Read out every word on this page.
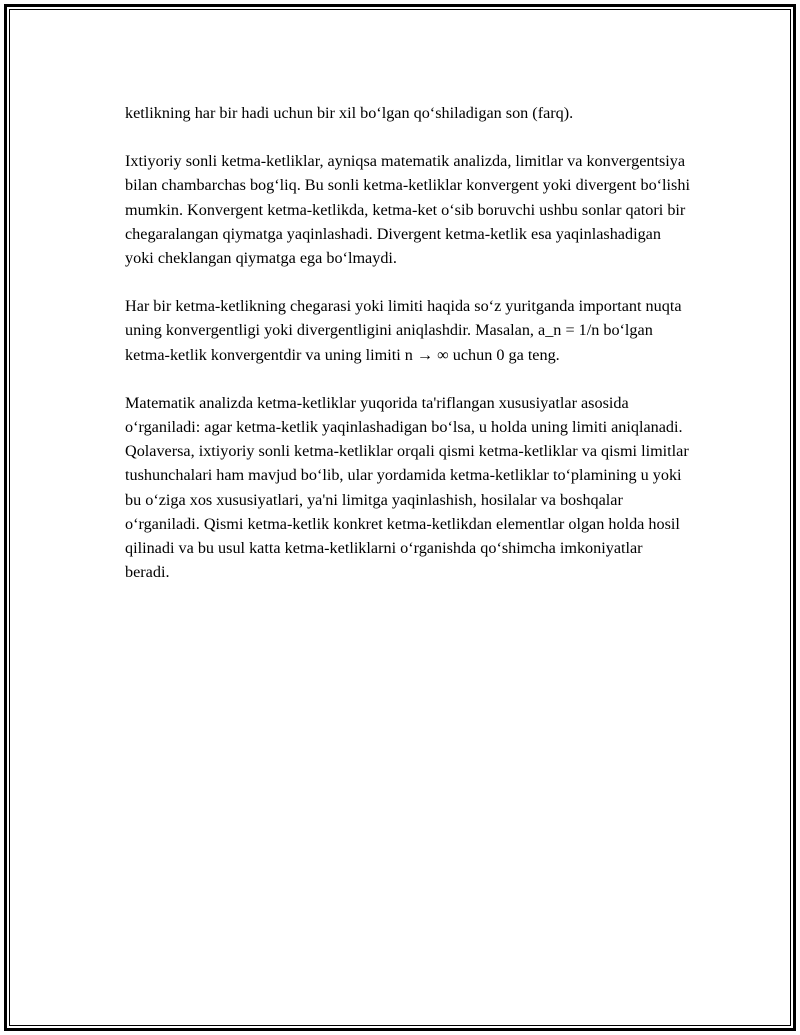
ketlikning har bir hadi uchun bir xil bo‘lgan qo‘shiladigan son (farq).

Ixtiyoriy sonli ketma-ketliklar, ayniqsa matematik analizda, limitlar va konvergentsiya bilan chambarchas bog‘liq. Bu sonli ketma-ketliklar konvergent yoki divergent bo‘lishi mumkin. Konvergent ketma-ketlikda, ketma-ket o‘sib boruvchi ushbu sonlar qatori bir chegaralangan qiymatga yaqinlashadi. Divergent ketma-ketlik esa yaqinlashadigan yoki cheklangan qiymatga ega bo‘lmaydi.

Har bir ketma-ketlikning chegarasi yoki limiti haqida so‘z yuritganda important nuqta uning konvergentligi yoki divergentligini aniqlashdir. Masalan, a_n = 1/n bo‘lgan ketma-ketlik konvergentdir va uning limiti n → ∞ uchun 0 ga teng.

Matematik analizda ketma-ketliklar yuqorida ta'riflangan xususiyatlar asosida o‘rganiladi: agar ketma-ketlik yaqinlashadigan bo‘lsa, u holda uning limiti aniqlanadi. Qolaversa, ixtiyoriy sonli ketma-ketliklar orqali qismi ketma-ketliklar va qismi limitlar tushunchalari ham mavjud bo‘lib, ular yordamida ketma-ketliklar to‘plamining u yoki bu o‘ziga xos xususiyatlari, ya'ni limitga yaqinlashish, hosilalar va boshqalar o‘rganiladi. Qismi ketma-ketlik konkret ketma-ketlikdan elementlar olgan holda hosil qilinadi va bu usul katta ketma-ketliklarni o‘rganishda qo‘shimcha imkoniyatlar beradi.
